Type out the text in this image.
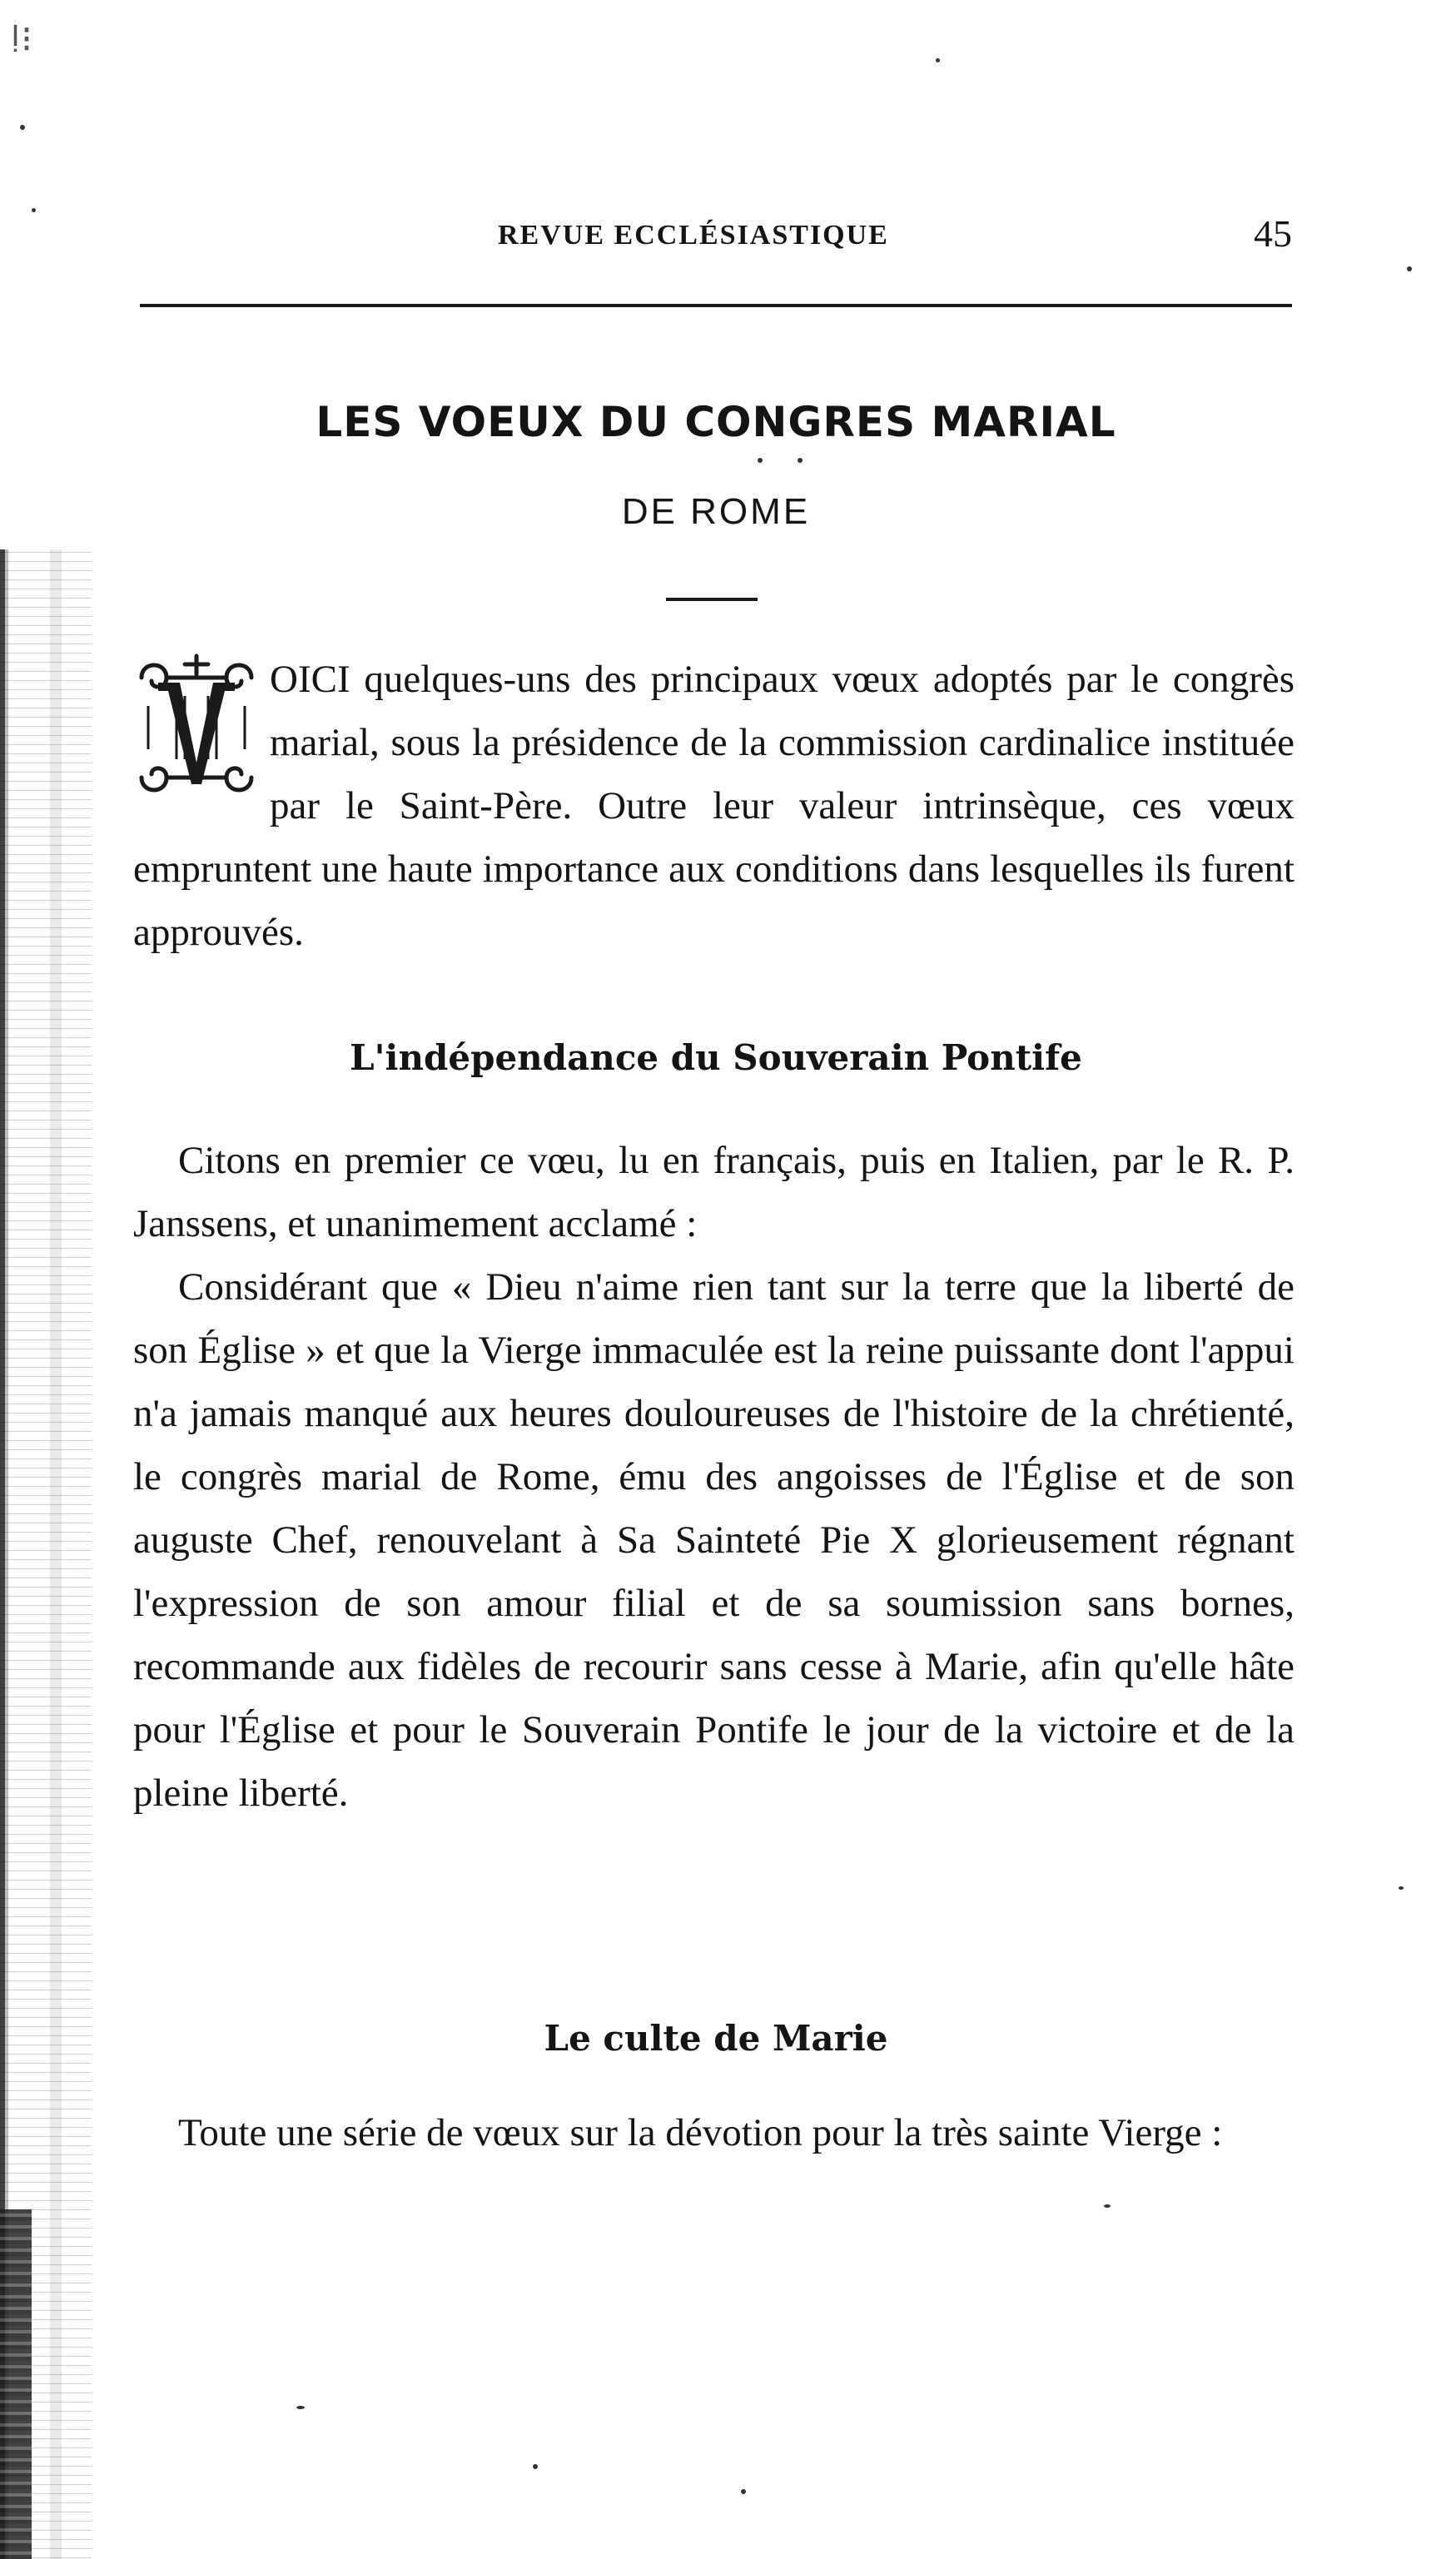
ǃ⁝
REVUE ECCLÉSIASTIQUE	45
LES VOEUX DU CONGRES MARIAL
DE ROME

OICI quelques-uns des principaux vœux adoptés par le congrès marial, sous la présidence de la commission cardinalice instituée par le Saint-Père. Outre leur valeur intrinsèque, ces vœux empruntent une haute importance aux conditions dans lesquelles ils furent approuvés.

L'indépendance du Souverain Pontife

Citons en premier ce vœu, lu en français, puis en Italien, par le R. P. Janssens, et unanimement acclamé :

Considérant que « Dieu n'aime rien tant sur la terre que la liberté de son Église » et que la Vierge immaculée est la reine puissante dont l'appui n'a jamais manqué aux heures douloureuses de l'histoire de la chrétienté, le congrès marial de Rome, ému des angoisses de l'Église et de son auguste Chef, renouvelant à Sa Sainteté Pie X glorieusement régnant l'expression de son amour filial et de sa soumission sans bornes, recommande aux fidèles de recourir sans cesse à Marie, afin qu'elle hâte pour l'Église et pour le Souverain Pontife le jour de la victoire et de la pleine liberté.

Le culte de Marie

Toute une série de vœux sur la dévotion pour la très sainte Vierge :
